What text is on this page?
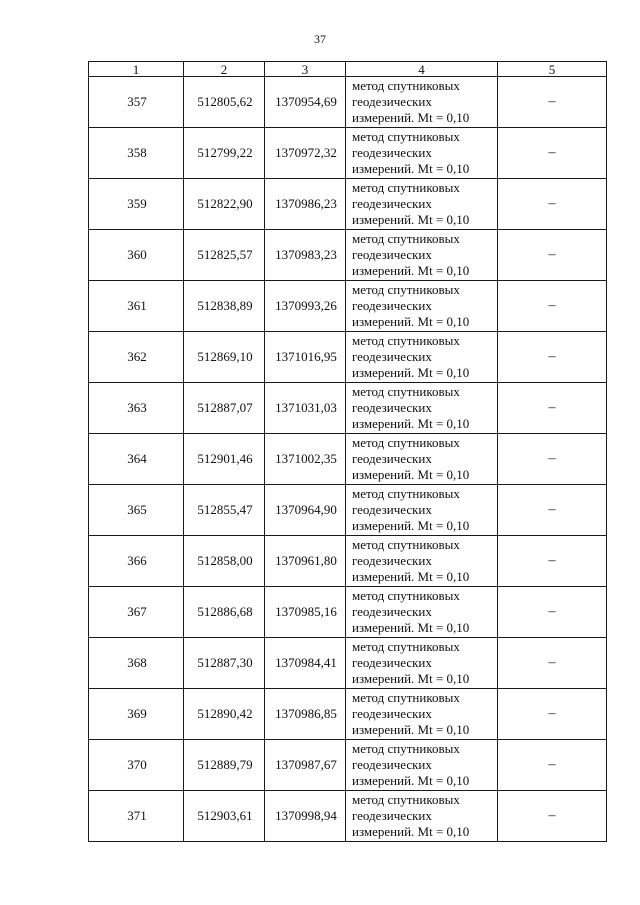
37
1	2	3	4	5
357	512805,62	1370954,69	метод спутниковых
геодезических
измерений. Mt = 0,10	–
358	512799,22	1370972,32	метод спутниковых
геодезических
измерений. Mt = 0,10	–
359	512822,90	1370986,23	метод спутниковых
геодезических
измерений. Mt = 0,10	–
360	512825,57	1370983,23	метод спутниковых
геодезических
измерений. Mt = 0,10	–
361	512838,89	1370993,26	метод спутниковых
геодезических
измерений. Mt = 0,10	–
362	512869,10	1371016,95	метод спутниковых
геодезических
измерений. Mt = 0,10	–
363	512887,07	1371031,03	метод спутниковых
геодезических
измерений. Mt = 0,10	–
364	512901,46	1371002,35	метод спутниковых
геодезических
измерений. Mt = 0,10	–
365	512855,47	1370964,90	метод спутниковых
геодезических
измерений. Mt = 0,10	–
366	512858,00	1370961,80	метод спутниковых
геодезических
измерений. Mt = 0,10	–
367	512886,68	1370985,16	метод спутниковых
геодезических
измерений. Mt = 0,10	–
368	512887,30	1370984,41	метод спутниковых
геодезических
измерений. Mt = 0,10	–
369	512890,42	1370986,85	метод спутниковых
геодезических
измерений. Mt = 0,10	–
370	512889,79	1370987,67	метод спутниковых
геодезических
измерений. Mt = 0,10	–
371	512903,61	1370998,94	метод спутниковых
геодезических
измерений. Mt = 0,10	–
